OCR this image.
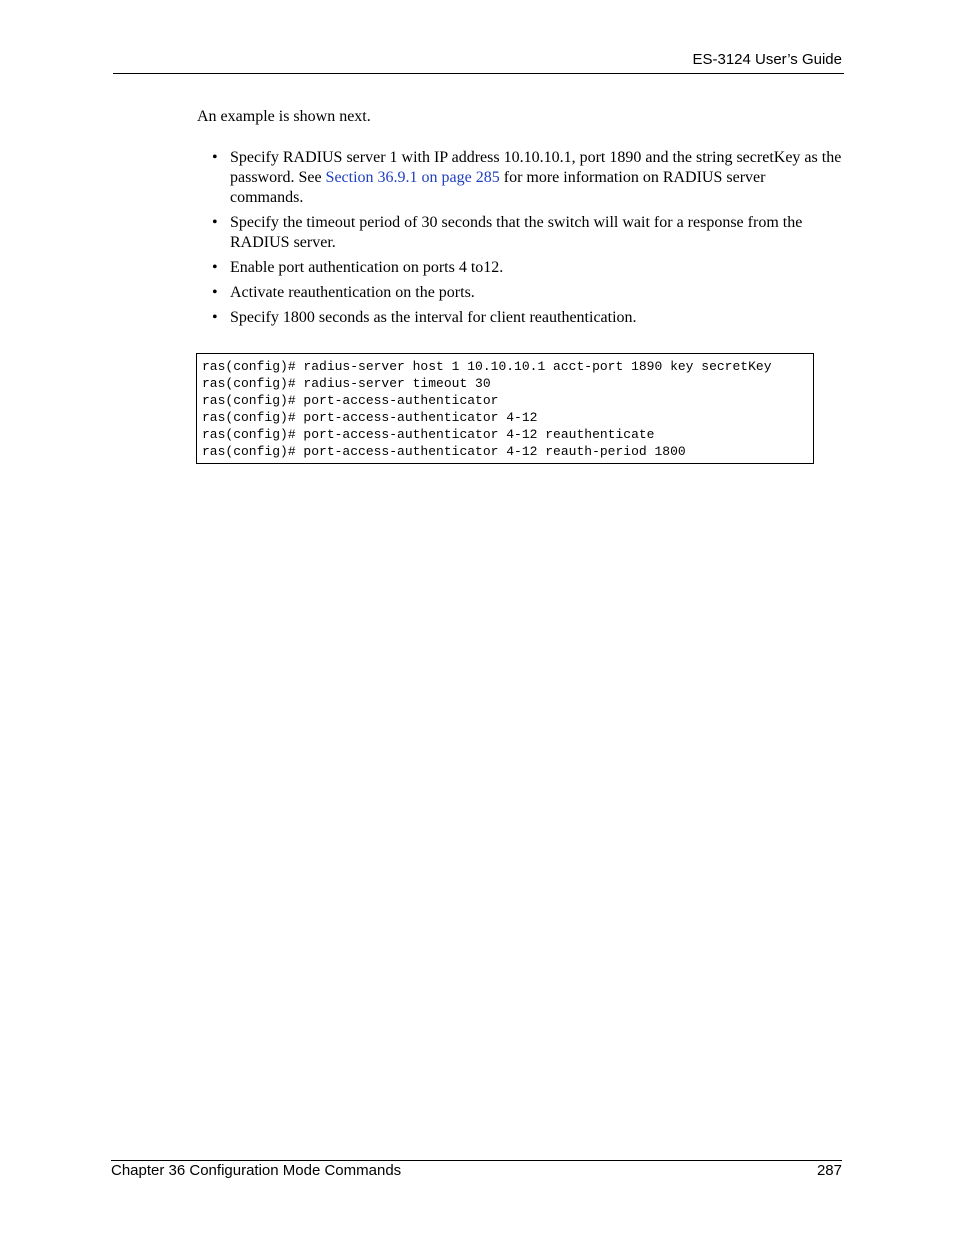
ES-3124 User’s Guide

An example is shown next.

• Specify RADIUS server 1 with IP address 10.10.10.1, port 1890 and the string secretKey as the password. See Section 36.9.1 on page 285 for more information on RADIUS server commands.
• Specify the timeout period of 30 seconds that the switch will wait for a response from the RADIUS server.
• Enable port authentication on ports 4 to12.
• Activate reauthentication on the ports.
• Specify 1800 seconds as the interval for client reauthentication.
ras(config)# radius-server host 1 10.10.10.1 acct-port 1890 key secretKey
ras(config)# radius-server timeout 30
ras(config)# port-access-authenticator
ras(config)# port-access-authenticator 4-12
ras(config)# port-access-authenticator 4-12 reauthenticate
ras(config)# port-access-authenticator 4-12 reauth-period 1800
Chapter 36 Configuration Mode Commands	287
